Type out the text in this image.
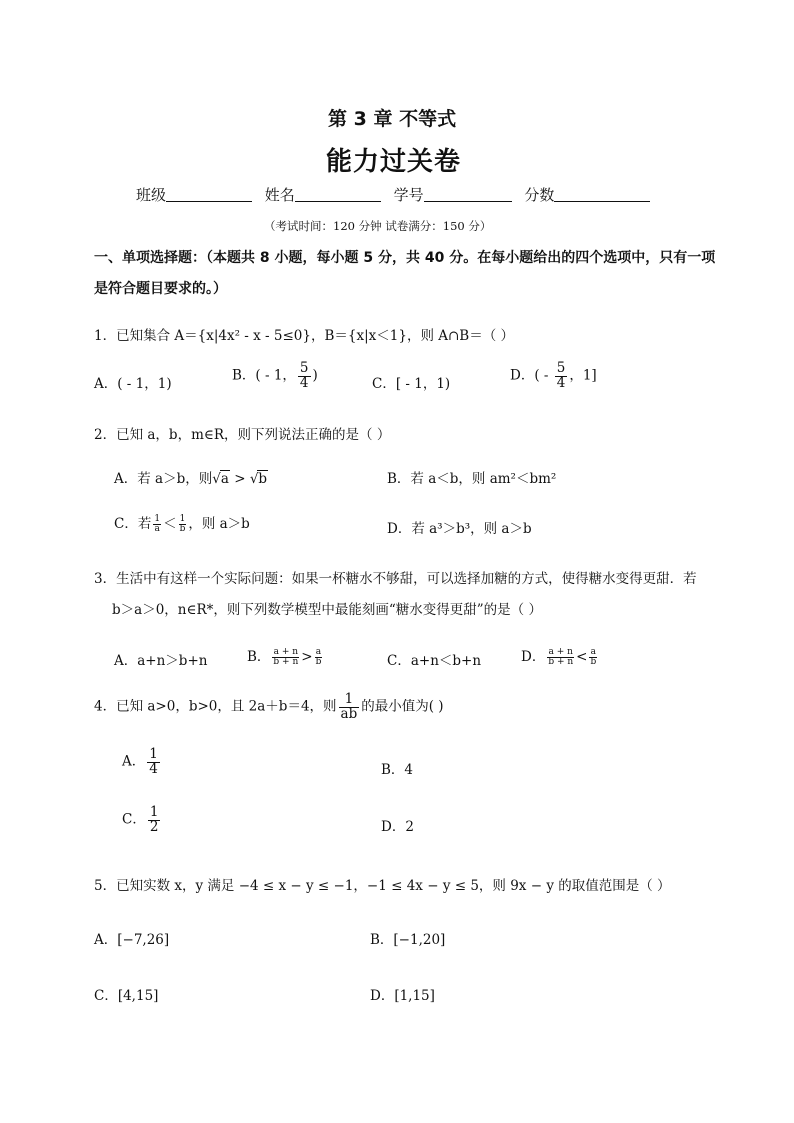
第 3 章 不等式
能力过关卷
班级	姓名	学号	分数
（考试时间：120 分钟 试卷满分：150 分）
一、单项选择题：（本题共 8 小题，每小题 5 分，共 40 分。在每小题给出的四个选项中，只有一项
是符合题目要求的。）
1．已知集合 A＝{x|4x² - x - 5≤0}，B＝{x|x＜1}，则 A∩B＝（ ）
A．( - 1，1)
B．( - 1， $\frac{5}{4}$ )
C．[ - 1，1)
D．( - $\frac{5}{4}$ ，1]
2．已知 a，b，m∈R，则下列说法正确的是（ ）
A．若 a＞b，则√a > √b	B．若 a＜b，则 am²＜bm²
C．若 $\frac{1}{a} < \frac{1}{b}$ ，则 a＞b	D．若 a³＞b³，则 a＞b
3．生活中有这样一个实际问题：如果一杯糖水不够甜，可以选择加糖的方式，使得糖水变得更甜．若
b＞a＞0，n∈R*，则下列数学模型中最能刻画“糖水变得更甜”的是（ ）
A．a+n＞b+n	B． $\frac{a + n}{b + n} > \frac{a}{b}$	C．a+n＜b+n	D． $\frac{a + n}{b + n} < \frac{a}{b}$
4．已知 a>0，b>0，且 2a＋b＝4，则 $\frac{1}{ab}$ 的最小值为( )
A． $\frac{1}{4}$	B．4
C． $\frac{1}{2}$	D．2
5．已知实数 x，y 满足 −4 ≤ x − y ≤ −1，−1 ≤ 4x − y ≤ 5，则 9x − y 的取值范围是（ ）
A．[−7,26]	B．[−1,20]
C．[4,15]	D．[1,15]
